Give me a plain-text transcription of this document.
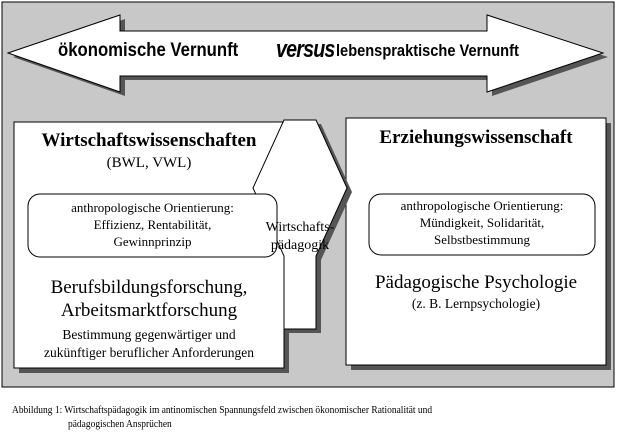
ökonomische Vernunft versus lebenspraktische Vernunft
Wirtschaftswissenschaften
(BWL, VWL)
anthropologische Orientierung:
Effizienz, Rentabilität,
Gewinnprinzip
Berufsbildungsforschung,
Arbeitsmarktforschung
Bestimmung gegenwärtiger und
zukünftiger beruflicher Anforderungen
Wirtschafts-
pädagogik
Erziehungswissenschaft
anthropologische Orientierung:
Mündigkeit, Solidarität,
Selbstbestimmung
Pädagogische Psychologie
(z. B. Lernpsychologie)
Abbildung 1: Wirtschaftspädagogik im antinomischen Spannungsfeld zwischen ökonomischer Rationalität und
pädagogischen Ansprüchen
